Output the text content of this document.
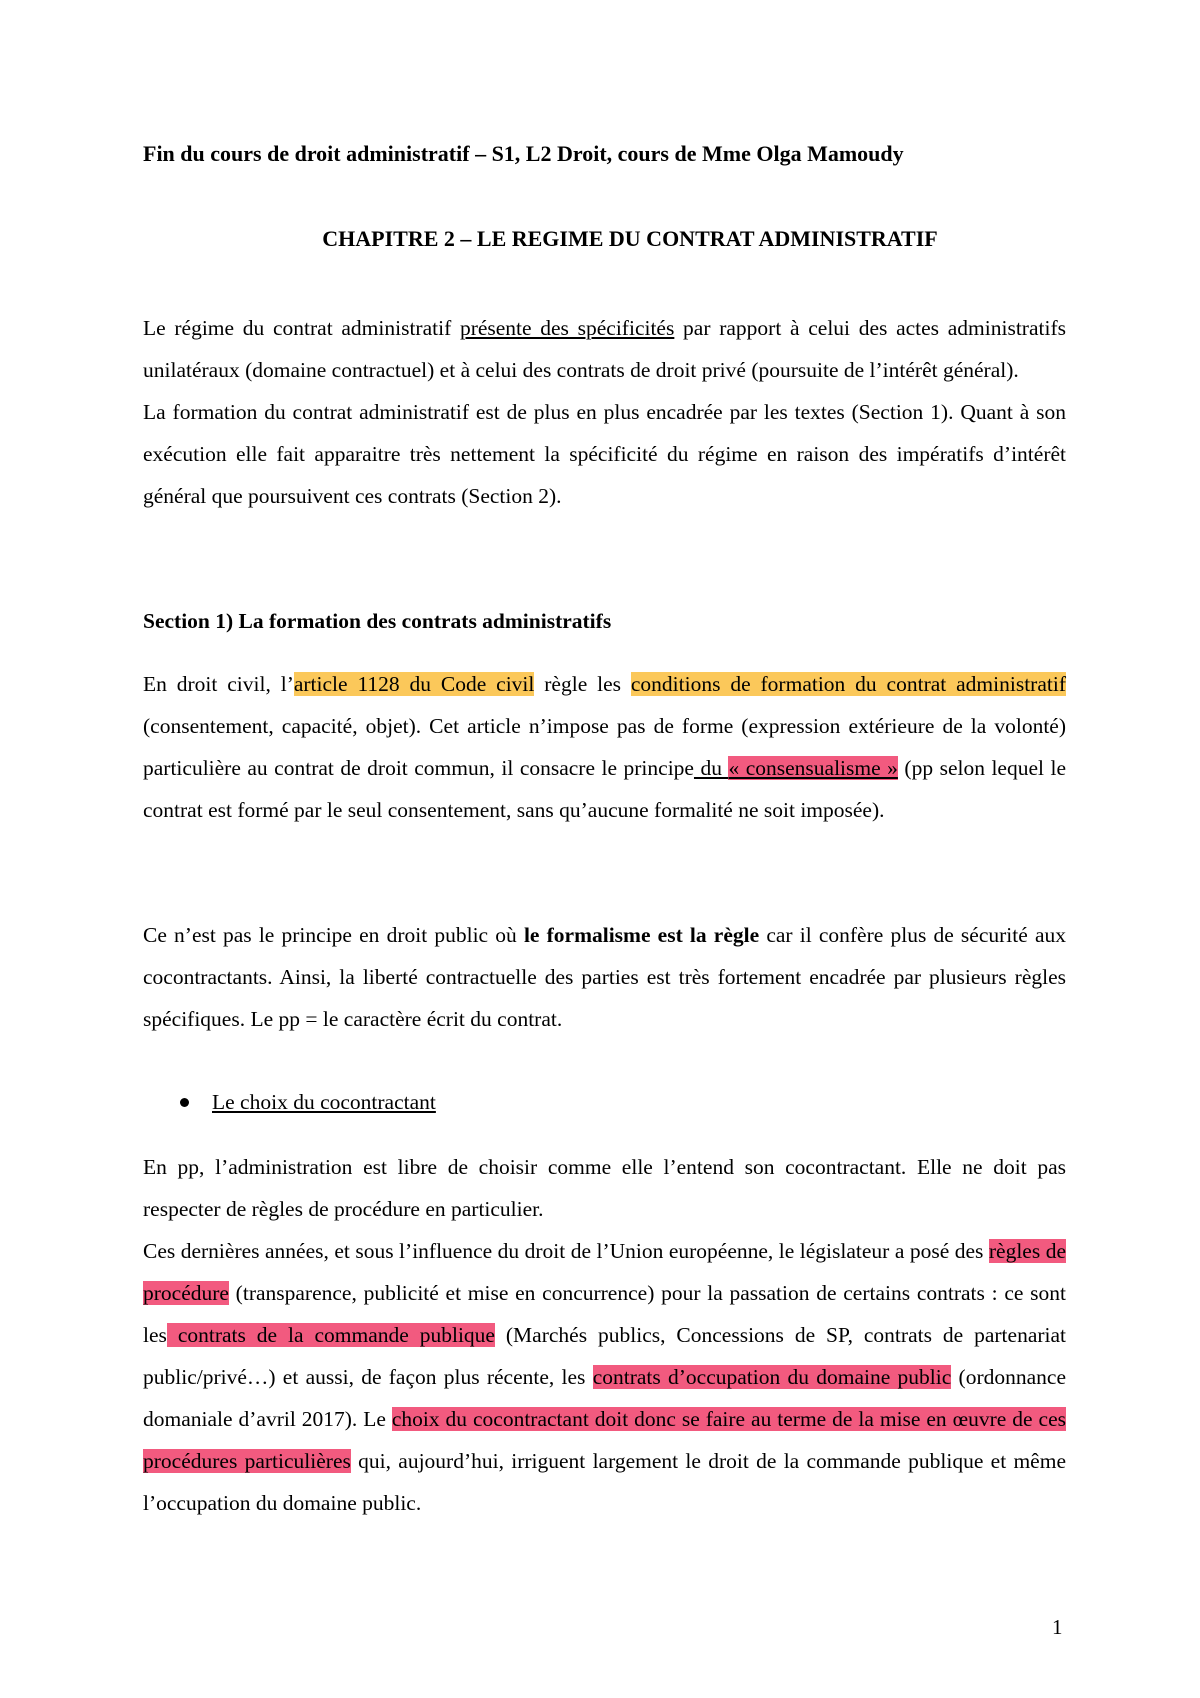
Fin du cours de droit administratif – S1, L2 Droit, cours de Mme Olga Mamoudy
CHAPITRE 2 – LE REGIME DU CONTRAT ADMINISTRATIF

Le régime du contrat administratif présente des spécificités par rapport à celui des actes administratifs unilatéraux (domaine contractuel) et à celui des contrats de droit privé (poursuite de l’intérêt général).

La formation du contrat administratif est de plus en plus encadrée par les textes (Section 1). Quant à son exécution elle fait apparaitre très nettement la spécificité du régime en raison des impératifs d’intérêt général que poursuivent ces contrats (Section 2).

Section 1) La formation des contrats administratifs

En droit civil, l’article 1128 du Code civil règle les conditions de formation du contrat administratif (consentement, capacité, objet). Cet article n’impose pas de forme (expression extérieure de la volonté) particulière au contrat de droit commun, il consacre le principe du « consensualisme » (pp selon lequel le contrat est formé par le seul consentement, sans qu’aucune formalité ne soit imposée).

Ce n’est pas le principe en droit public où le formalisme est la règle car il confère plus de sécurité aux cocontractants. Ainsi, la liberté contractuelle des parties est très fortement encadrée par plusieurs règles spécifiques. Le pp = le caractère écrit du contrat.

Le choix du cocontractant

En pp, l’administration est libre de choisir comme elle l’entend son cocontractant. Elle ne doit pas respecter de règles de procédure en particulier.

Ces dernières années, et sous l’influence du droit de l’Union européenne, le législateur a posé des règles de procédure (transparence, publicité et mise en concurrence) pour la passation de certains contrats : ce sont les contrats de la commande publique (Marchés publics, Concessions de SP, contrats de partenariat public/privé…) et aussi, de façon plus récente, les contrats d’occupation du domaine public (ordonnance domaniale d’avril 2017). Le choix du cocontractant doit donc se faire au terme de la mise en œuvre de ces procédures particulières qui, aujourd’hui, irriguent largement le droit de la commande publique et même l’occupation du domaine public.

1
